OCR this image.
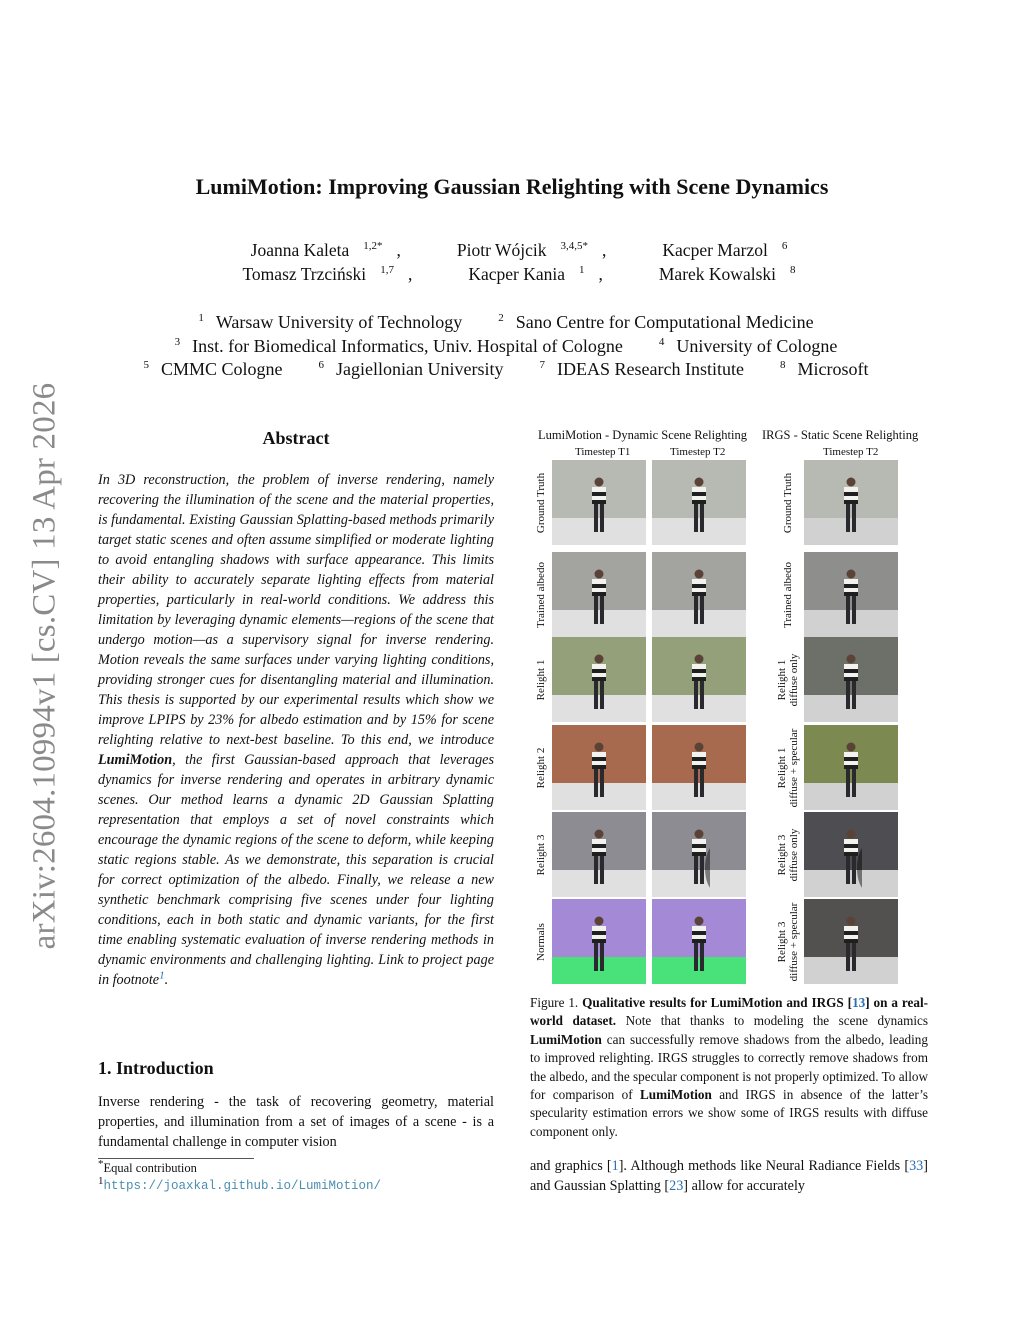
arXiv:2604.10994v1 [cs.CV] 13 Apr 2026
LumiMotion: Improving Gaussian Relighting with Scene Dynamics
Joanna Kaleta $^{1,2*}$ ,	Piotr Wójcik $^{3,4,5*}$ ,	Kacper Marzol $^6$
Tomasz Trzciński $^{1,7}$ ,	Kacper Kania $^1$ ,	Marek Kowalski $^8$
$^1$ Warsaw University of Technology	$^2$ Sano Centre for Computational Medicine
$^3$ Inst. for Biomedical Informatics, Univ. Hospital of Cologne	$^4$ University of Cologne
$^5$ CMMC Cologne	$^6$ Jagiellonian University	$^7$ IDEAS Research Institute	$^8$ Microsoft
Abstract
In 3D reconstruction, the problem of inverse rendering, namely recovering the illumination of the scene and the material properties, is fundamental. Existing Gaussian Splatting-based methods primarily target static scenes and often assume simplified or moderate lighting to avoid entangling shadows with surface appearance. This limits their ability to accurately separate lighting effects from material properties, particularly in real-world conditions. We address this limitation by leveraging dynamic elements—regions of the scene that undergo motion—as a supervisory signal for inverse rendering. Motion reveals the same surfaces under varying lighting conditions, providing stronger cues for disentangling material and illumination. This thesis is supported by our experimental results which show we improve LPIPS by 23% for albedo estimation and by 15% for scene relighting relative to next-best baseline. To this end, we introduce LumiMotion, the first Gaussian-based approach that leverages dynamics for inverse rendering and operates in arbitrary dynamic scenes. Our method learns a dynamic 2D Gaussian Splatting representation that employs a set of novel constraints which encourage the dynamic regions of the scene to deform, while keeping static regions stable. As we demonstrate, this separation is crucial for correct optimization of the albedo. Finally, we release a new synthetic benchmark comprising five scenes under four lighting conditions, each in both static and dynamic variants, for the first time enabling systematic evaluation of inverse rendering methods in dynamic environments and challenging lighting. Link to project page in footnote$^1$.
1. Introduction
Inverse rendering - the task of recovering geometry, material properties, and illumination from a set of images of a scene - is a fundamental challenge in computer vision
*Equal contribution
$^1$https://joaxkal.github.io/LumiMotion/
LumiMotion - Dynamic Scene Relighting IRGS - Static Scene Relighting
Timestep T1	Timestep T2	Timestep T2
Ground Truth
Trained albedo
Relight 1
Relight 2
Relight 3
Normals
Ground Truth
Trained albedo
Relight 1
diffuse only
Relight 1
diffuse + specular
Relight 3
diffuse only
Relight 3
diffuse + specular
Figure 1. Qualitative results for LumiMotion and IRGS [13] on a real-world dataset. Note that thanks to modeling the scene dynamics LumiMotion can successfully remove shadows from the albedo, leading to improved relighting. IRGS struggles to correctly remove shadows from the albedo, and the specular component is not properly optimized. To allow for comparison of LumiMotion and IRGS in absence of the latter’s specularity estimation errors we show some of IRGS results with diffuse component only.
and graphics [1]. Although methods like Neural Radiance Fields [33] and Gaussian Splatting [23] allow for accurately
